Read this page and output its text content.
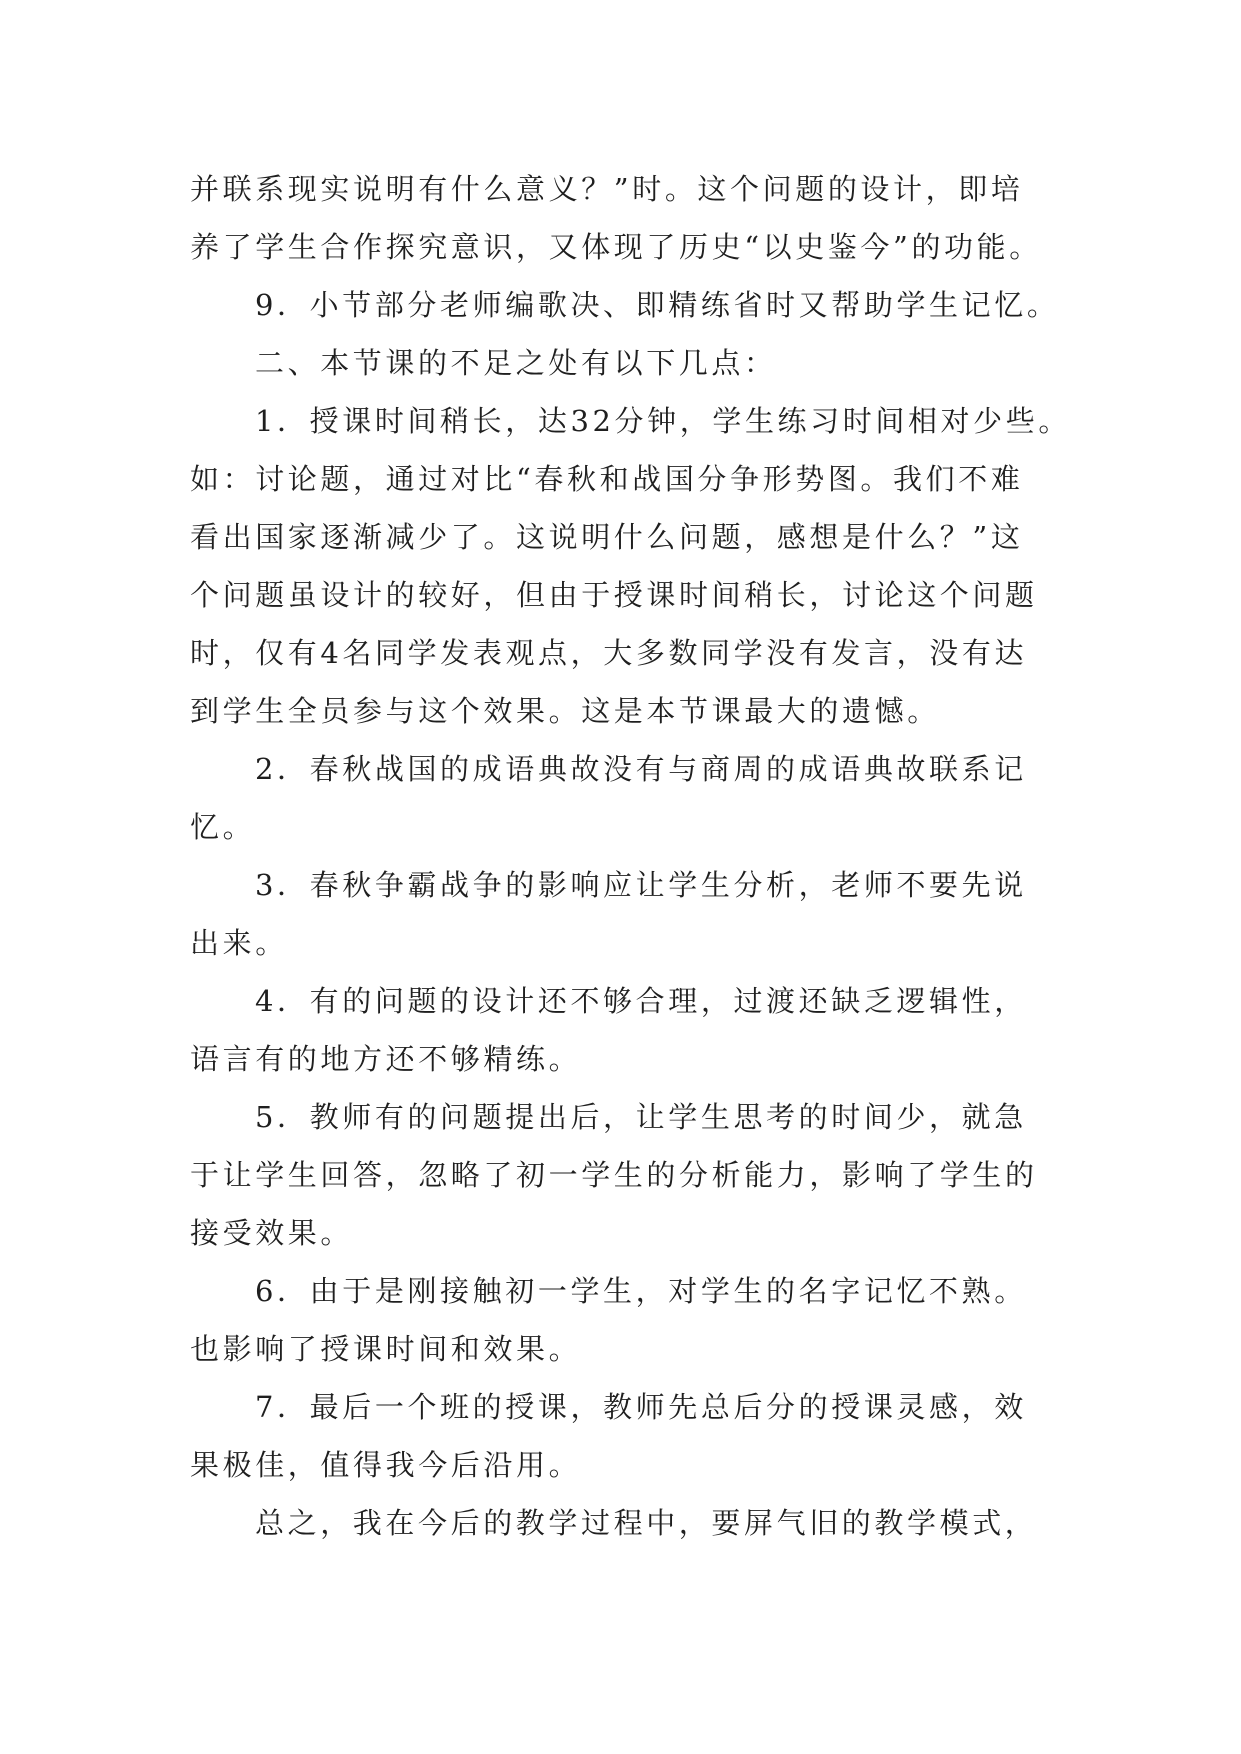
并联系现实说明有什么意义？”时。这个问题的设计，即培
养了学生合作探究意识，又体现了历史“以史鉴今”的功能。
9．小节部分老师编歌决、即精练省时又帮助学生记忆。
二、本节课的不足之处有以下几点：
1．授课时间稍长，达32分钟，学生练习时间相对少些。
如：讨论题，通过对比“春秋和战国分争形势图。我们不难
看出国家逐渐减少了。这说明什么问题，感想是什么？”这
个问题虽设计的较好，但由于授课时间稍长，讨论这个问题
时，仅有4名同学发表观点，大多数同学没有发言，没有达
到学生全员参与这个效果。这是本节课最大的遗憾。
2．春秋战国的成语典故没有与商周的成语典故联系记
忆。
3．春秋争霸战争的影响应让学生分析，老师不要先说
出来。
4．有的问题的设计还不够合理，过渡还缺乏逻辑性，
语言有的地方还不够精练。
5．教师有的问题提出后，让学生思考的时间少，就急
于让学生回答，忽略了初一学生的分析能力，影响了学生的
接受效果。
6．由于是刚接触初一学生，对学生的名字记忆不熟。
也影响了授课时间和效果。
7．最后一个班的授课，教师先总后分的授课灵感，效
果极佳，值得我今后沿用。
总之，我在今后的教学过程中，要屏气旧的教学模式，
